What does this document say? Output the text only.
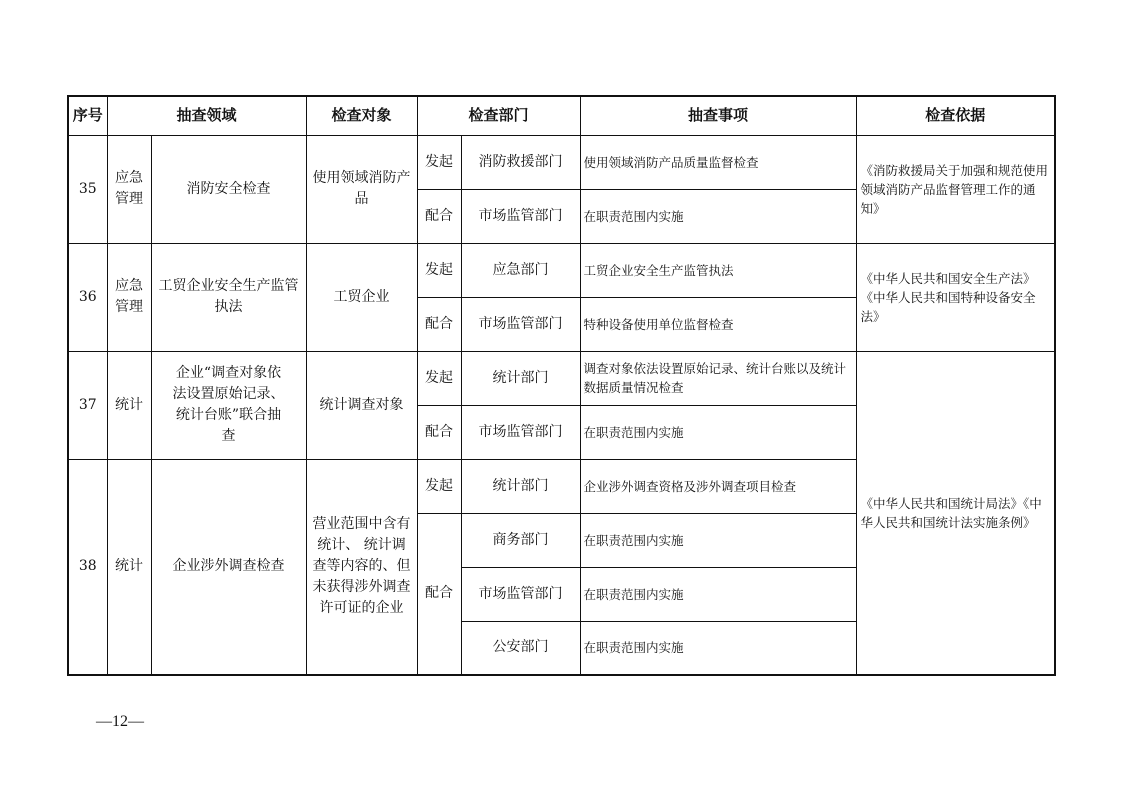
序号	抽查领域		检查对象	检查部门		抽查事项	检查依据
35	应急管理	消防安全检查	使用领域消防产品	发起	消防救援部门	使用领域消防产品质量监督检查	《消防救援局关于加强和规范使用领域消防产品监督管理工作的通知》
				配合	市场监管部门	在职责范围内实施	
36	应急管理	工贸企业安全生产监管执法	工贸企业	发起	应急部门	工贸企业安全生产监管执法	《中华人民共和国安全生产法》《中华人民共和国特种设备安全法》
				配合	市场监管部门	特种设备使用单位监督检查	
37	统计	企业“调查对象依法设置原始记录、统计台账”联合抽查	统计调查对象	发起	统计部门	调查对象依法设置原始记录、统计台账以及统计数据质量情况检查	《中华人民共和国统计局法》《中华人民共和国统计法实施条例》
				配合	市场监管部门	在职责范围内实施	
38	统计	企业涉外调查检查	营业范围中含有统计、 统计调查等内容的、但未获得涉外调查许可证的企业	发起	统计部门	企业涉外调查资格及涉外调查项目检查	
				配合	商务部门	在职责范围内实施	
					市场监管部门	在职责范围内实施	
					公安部门	在职责范围内实施	
—12—
